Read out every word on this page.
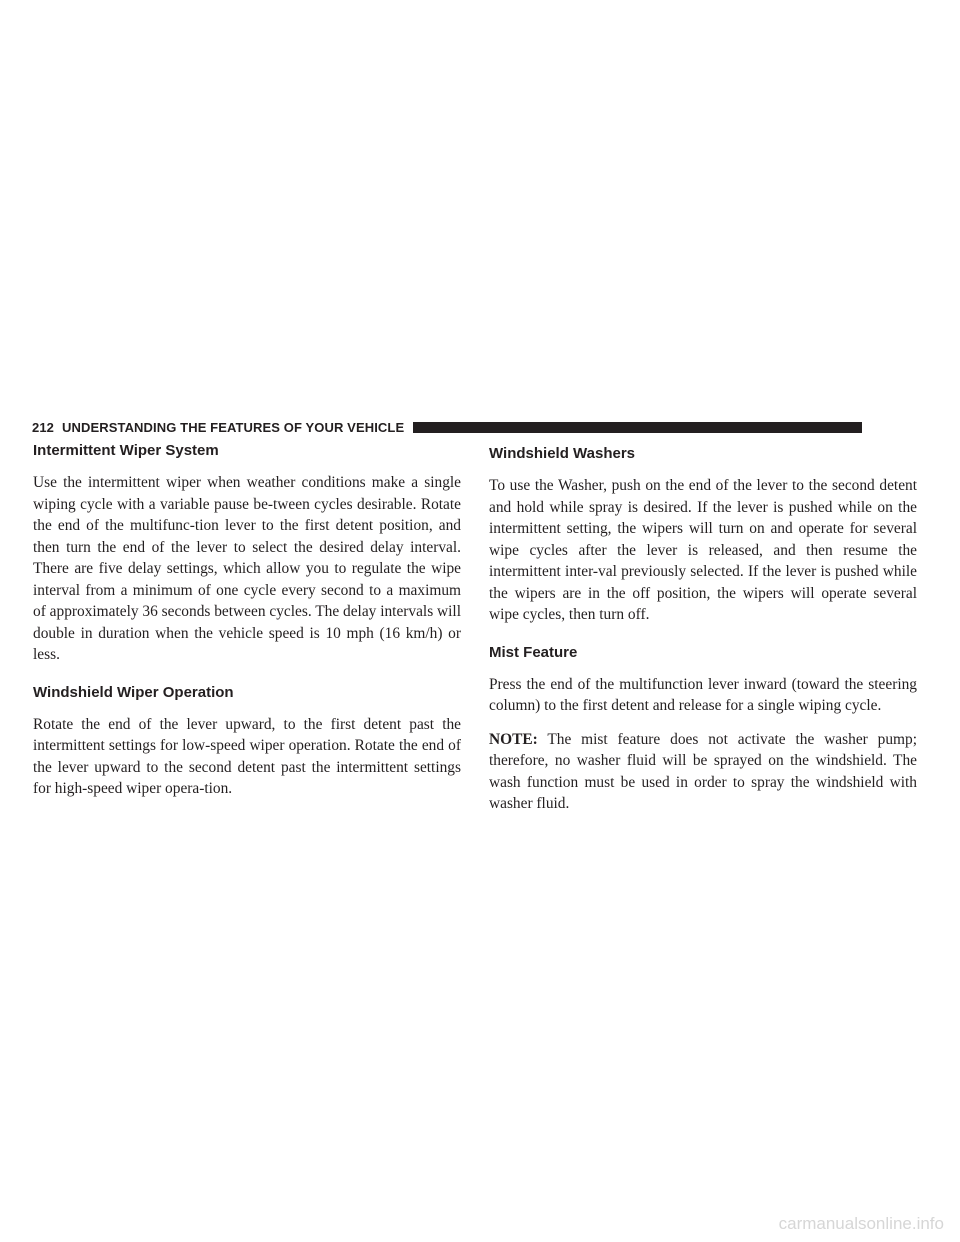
212 UNDERSTANDING THE FEATURES OF YOUR VEHICLE
Intermittent Wiper System

Use the intermittent wiper when weather conditions make a single wiping cycle with a variable pause be-tween cycles desirable. Rotate the end of the multifunc-tion lever to the first detent position, and then turn the end of the lever to select the desired delay interval. There are five delay settings, which allow you to regulate the wipe interval from a minimum of one cycle every second to a maximum of approximately 36 seconds between cycles. The delay intervals will double in duration when the vehicle speed is 10 mph (16 km/h) or less.

Windshield Wiper Operation

Rotate the end of the lever upward, to the first detent past the intermittent settings for low-speed wiper operation. Rotate the end of the lever upward to the second detent past the intermittent settings for high-speed wiper opera-tion.

Windshield Washers

To use the Washer, push on the end of the lever to the second detent and hold while spray is desired. If the lever is pushed while on the intermittent setting, the wipers will turn on and operate for several wipe cycles after the lever is released, and then resume the intermittent inter-val previously selected. If the lever is pushed while the wipers are in the off position, the wipers will operate several wipe cycles, then turn off.

Mist Feature

Press the end of the multifunction lever inward (toward the steering column) to the first detent and release for a single wiping cycle.

NOTE: The mist feature does not activate the washer pump; therefore, no washer fluid will be sprayed on the windshield. The wash function must be used in order to spray the windshield with washer fluid.

carmanualsonline.info
